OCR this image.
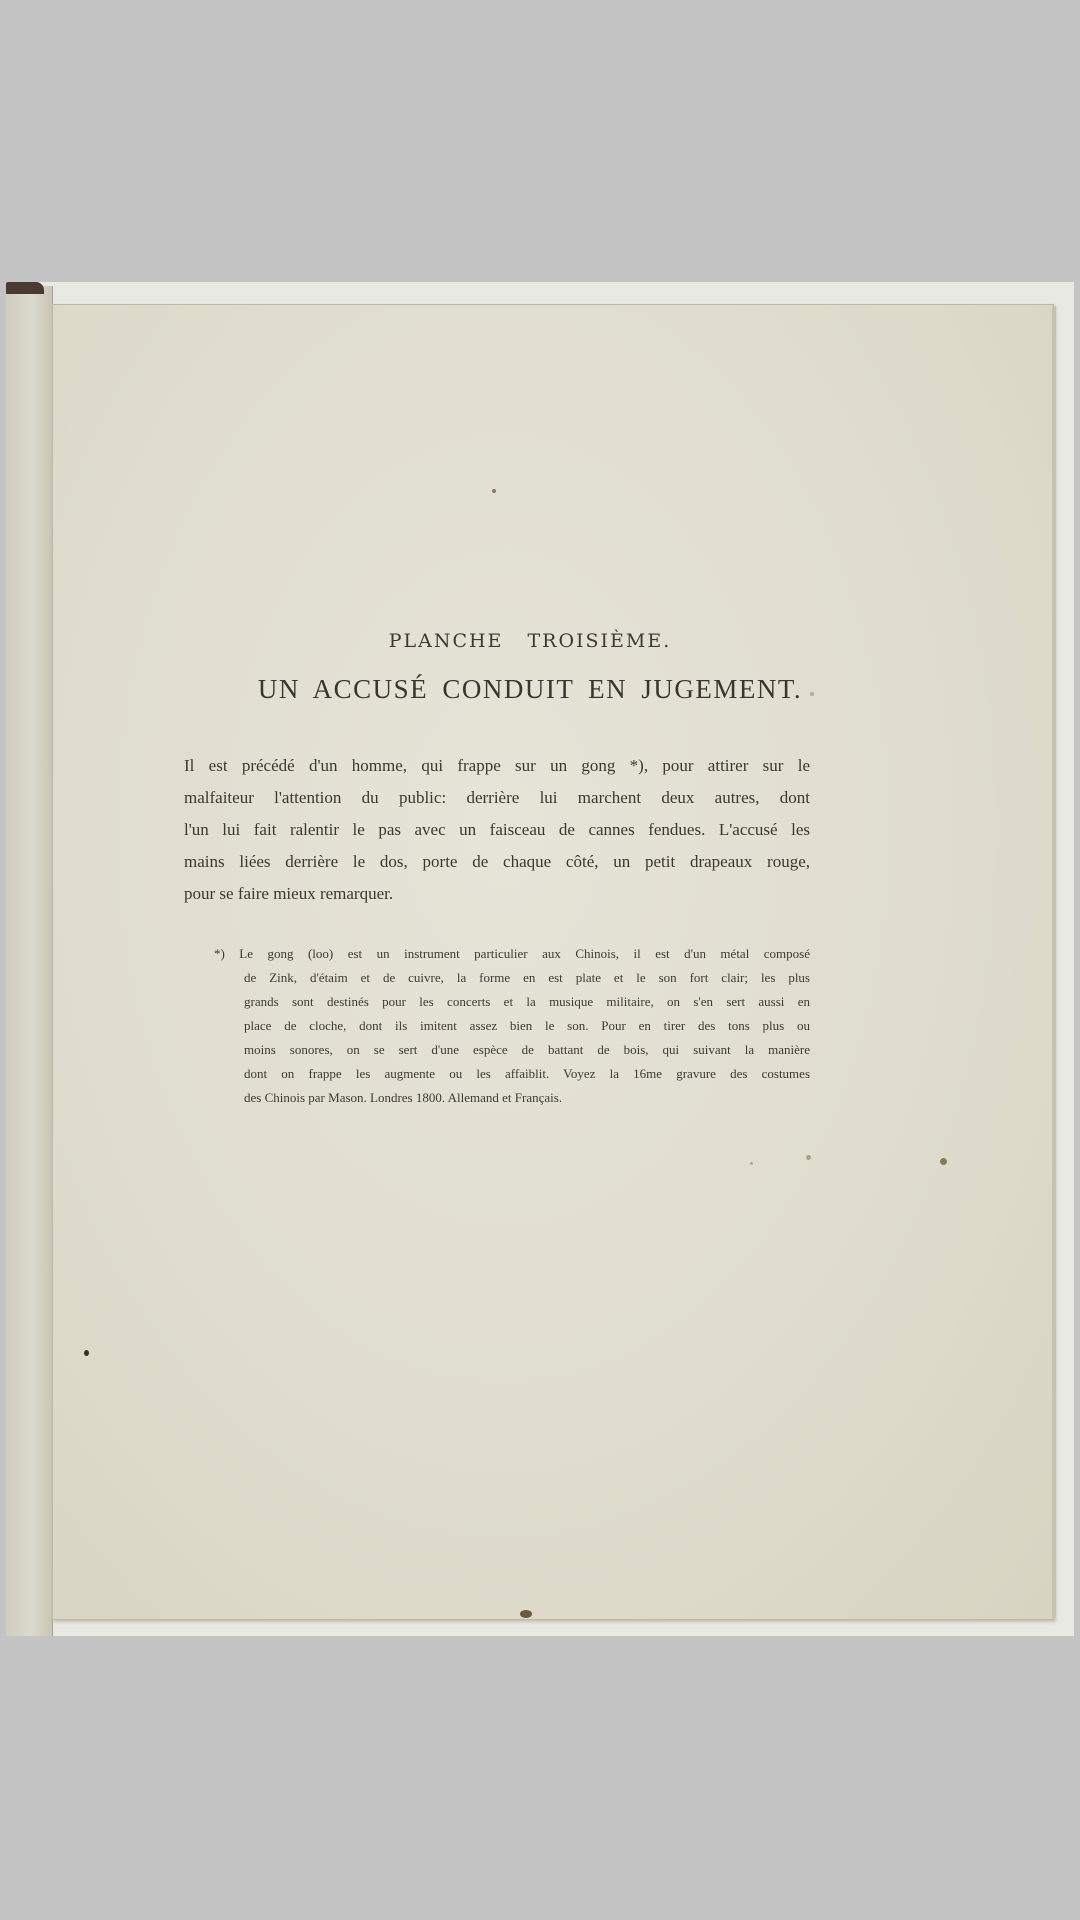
PLANCHE TROISIÈME.
UN ACCUSÉ CONDUIT EN JUGEMENT.
Il est précédé d'un homme, qui frappe sur un gong *), pour attirer sur le
malfaiteur l'attention du public: derrière lui marchent deux autres, dont
l'un lui fait ralentir le pas avec un faisceau de cannes fendues. L'accusé les
mains liées derrière le dos, porte de chaque côté, un petit drapeaux rouge,
pour se faire mieux remarquer.
*) Le gong (loo) est un instrument particulier aux Chinois, il est d'un métal composé
de Zink, d'étaim et de cuivre, la forme en est plate et le son fort clair; les plus
grands sont destinés pour les concerts et la musique militaire, on s'en sert aussi en
place de cloche, dont ils imitent assez bien le son. Pour en tirer des tons plus ou
moins sonores, on se sert d'une espèce de battant de bois, qui suivant la manière
dont on frappe les augmente ou les affaiblit. Voyez la 16me gravure des costumes
des Chinois par Mason. Londres 1800. Allemand et Français.
